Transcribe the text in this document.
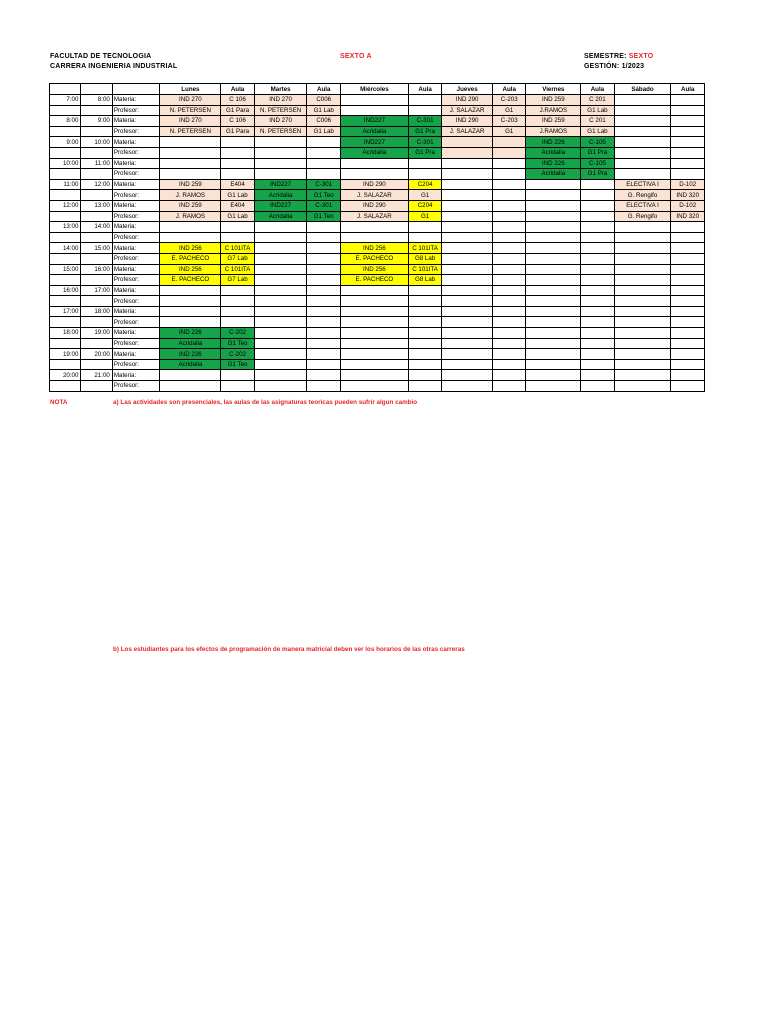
FACULTAD DE TECNOLOGIA
CARRERA INGENIERIA INDUSTRIAL
SEXTO A	SEMESTRE: SEXTO
GESTIÓN: 1/2023
			Lunes	Aula	Martes	Aula	Miércoles	Aula	Jueves	Aula	Viernes	Aula	Sábado	Aula
7:00	8:00	Materia:	IND 270	C 106	IND 270	C006			IND 290	C-203	IND 259	C 201		
		Profesor:	N. PETERSEN	G1 Para	N. PETERSEN	G1 Lab			J. SALAZAR	G1	J.RAMOS	G1 Lab		
8:00	9:00	Materia:	IND 270	C 106	IND 270	C006	IND227	C-301	IND 290	C-203	IND 259	C 201		
		Profesor:	N. PETERSEN	G1 Para	N. PETERSEN	G1 Lab	Acridalia	G1 Pra	J. SALAZAR	G1	J.RAMOS	G1 Lab		
9:00	10:00	Materia:					IND227	C-301			IND 226	C-105		
		Profesor:					Acridalia	G1 Pra			Acridalia	G1 Pra		
10:00	11:00	Materia:									IND 226	C-105		
		Profesor:									Acridalia	G1 Pra		
11:00	12:00	Materia:	IND 259	E404	IND227	C-301	IND 290	C204					ELECTIVA I	D-102
		Profesor:	J. RAMOS	G1 Lab	Acridalia	G1 Teo	J. SALAZAR	G1					G. Rengifo	IND 320
12:00	13:00	Materia:	IND 259	E404	IND227	C-301	IND 290	C204					ELECTIVA I	D-102
		Profesor:	J. RAMOS	G1 Lab	Acridalia	G1 Teo	J. SALAZAR	G1					G. Rengifo	IND 320
13:00	14:00	Materia:												
		Profesor:												
14:00	15:00	Materia:	IND 256	C 101ITA			IND 256	C 101ITA						
		Profesor:	E. PACHECO	G7 Lab			E. PACHECO	G8 Lab						
15:00	16:00	Materia:	IND 256	C 101ITA			IND 256	C 101ITA						
		Profesor:	E. PACHECO	G7 Lab			E. PACHECO	G8 Lab						
16:00	17:00	Materia:												
		Profesor:												
17:00	18:00	Materia:												
		Profesor:												
18:00	19:00	Materia:	IND 226	C-202										
		Profesor:	Acridalia	G1 Teo										
19:00	20:00	Materia:	IND 226	C-202										
		Profesor:	Acridalia	G1 Teo										
20:00	21:00	Materia:												
		Profesor:												
NOTA	a) Las actividades son presenciales, las aulas de las asignaturas teoricas pueden sufrir algun cambio
b) Los estudiantes para los efectos de programación de manera matricial deben ver los horarios de las otras carreras
